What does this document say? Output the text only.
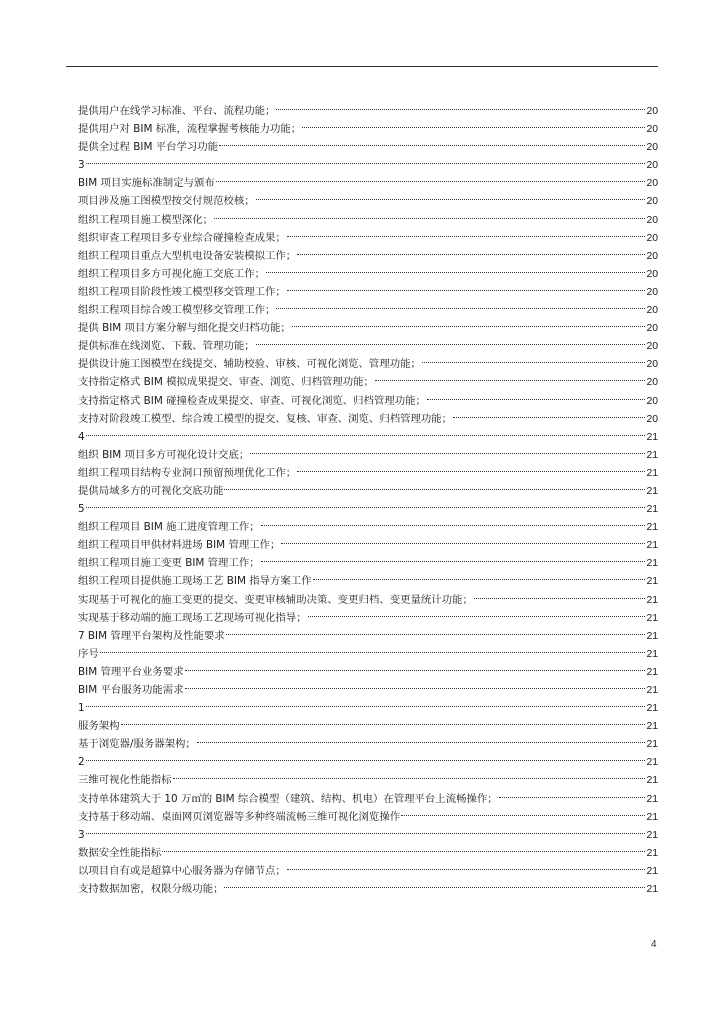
提供用户在线学习标准、平台、流程功能；	20
提供用户对 BIM 标准，流程掌握考核能力功能；	20
提供全过程 BIM 平台学习功能	20
3	20
BIM 项目实施标准制定与颁布	20
项目涉及施工图模型按交付规范校核；	20
组织工程项目施工模型深化；	20
组织审查工程项目多专业综合碰撞检查成果；	20
组织工程项目重点大型机电设备安装模拟工作；	20
组织工程项目多方可视化施工交底工作；	20
组织工程项目阶段性竣工模型移交管理工作；	20
组织工程项目综合竣工模型移交管理工作；	20
提供 BIM 项目方案分解与细化提交归档功能；	20
提供标准在线浏览、下载、管理功能；	20
提供设计施工图模型在线提交、辅助校验、审核、可视化浏览、管理功能；	20
支持指定格式 BIM 模拟成果提交、审查、浏览、归档管理功能；	20
支持指定格式 BIM 碰撞检查成果提交、审查、可视化浏览、归档管理功能；	20
支持对阶段竣工模型、综合竣工模型的提交、复核、审查、浏览、归档管理功能；	20
4	21
组织 BIM 项目多方可视化设计交底；	21
组织工程项目结构专业洞口预留预埋优化工作；	21
提供局域多方的可视化交底功能	21
5	21
组织工程项目 BIM 施工进度管理工作；	21
组织工程项目甲供材料进场 BIM 管理工作；	21
组织工程项目施工变更 BIM 管理工作；	21
组织工程项目提供施工现场工艺 BIM 指导方案工作	21
实现基于可视化的施工变更的提交、变更审核辅助决策、变更归档、变更量统计功能；	21
实现基于移动端的施工现场工艺现场可视化指导；	21
7 BIM 管理平台架构及性能要求	21
序号	21
BIM 管理平台业务要求	21
BIM 平台服务功能需求	21
1	21
服务架构	21
基于浏览器/服务器架构；	21
2	21
三维可视化性能指标	21
支持单体建筑大于 10 万㎡的 BIM 综合模型（建筑、结构、机电）在管理平台上流畅操作；	21
支持基于移动端、桌面网页浏览器等多种终端流畅三维可视化浏览操作	21
3	21
数据安全性能指标	21
以项目自有或是超算中心服务器为存储节点；	21
支持数据加密，权限分级功能；	21
4
